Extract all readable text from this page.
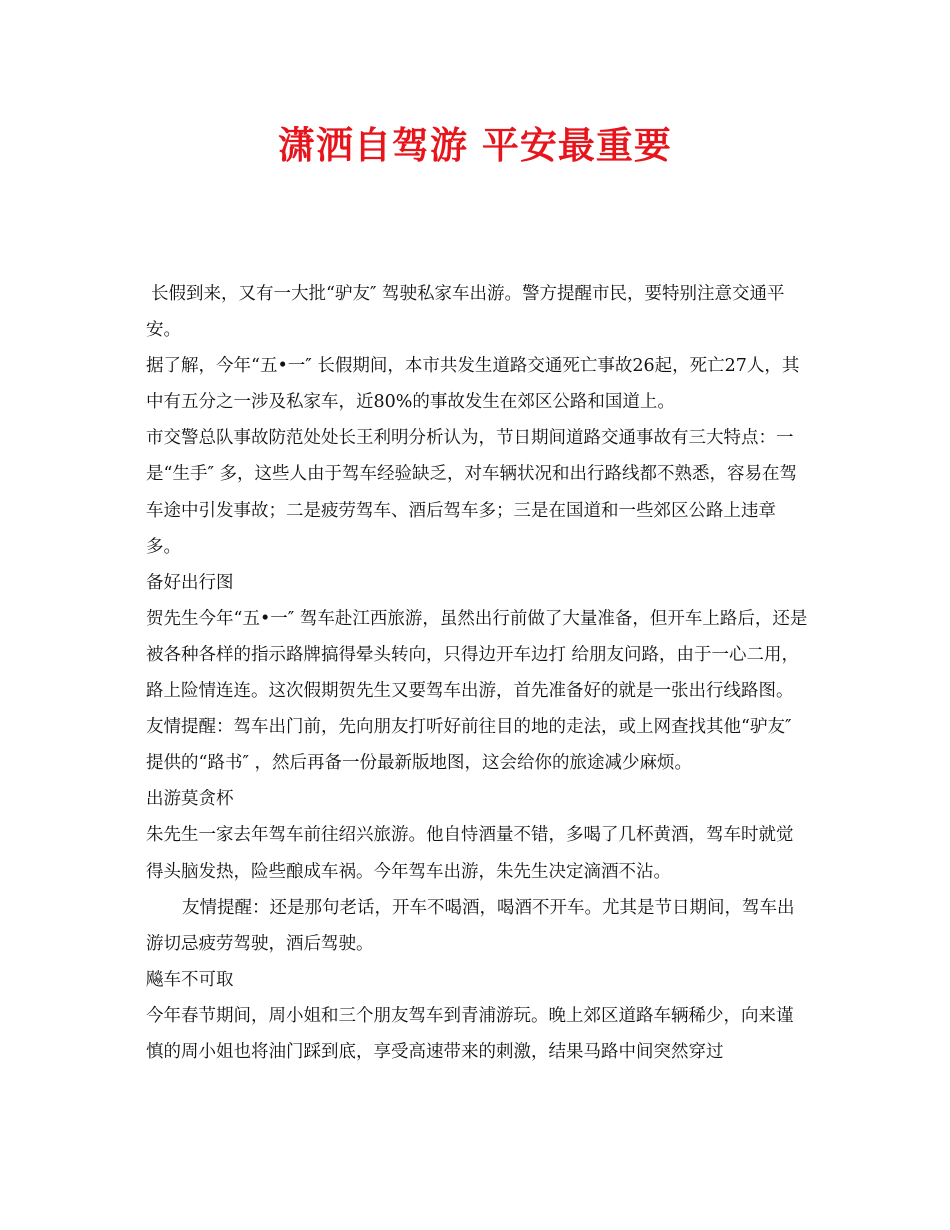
潇洒自驾游 平安最重要

长假到来，又有一大批“驴友″ 驾驶私家车出游。警方提醒市民，要特别注意交通平安。

据了解，今年“五•一″ 长假期间，本市共发生道路交通死亡事故26起，死亡27人，其中有五分之一涉及私家车，近80%的事故发生在郊区公路和国道上。

市交警总队事故防范处处长王利明分析认为，节日期间道路交通事故有三大特点：一是“生手″ 多，这些人由于驾车经验缺乏，对车辆状况和出行路线都不熟悉，容易在驾车途中引发事故；二是疲劳驾车、酒后驾车多；三是在国道和一些郊区公路上违章多。

备好出行图

贺先生今年“五•一″ 驾车赴江西旅游，虽然出行前做了大量准备，但开车上路后，还是被各种各样的指示路牌搞得晕头转向，只得边开车边打 给朋友问路，由于一心二用，路上险情连连。这次假期贺先生又要驾车出游，首先准备好的就是一张出行线路图。

友情提醒：驾车出门前，先向朋友打听好前往目的地的走法，或上网查找其他“驴友″ 提供的“路书″ ，然后再备一份最新版地图，这会给你的旅途减少麻烦。

出游莫贪杯

朱先生一家去年驾车前往绍兴旅游。他自恃酒量不错，多喝了几杯黄酒，驾车时就觉得头脑发热，险些酿成车祸。今年驾车出游，朱先生决定滴酒不沾。

友情提醒：还是那句老话，开车不喝酒，喝酒不开车。尤其是节日期间，驾车出游切忌疲劳驾驶，酒后驾驶。

飚车不可取

今年春节期间，周小姐和三个朋友驾车到青浦游玩。晚上郊区道路车辆稀少，向来谨慎的周小姐也将油门踩到底，享受高速带来的刺激，结果马路中间突然穿过
